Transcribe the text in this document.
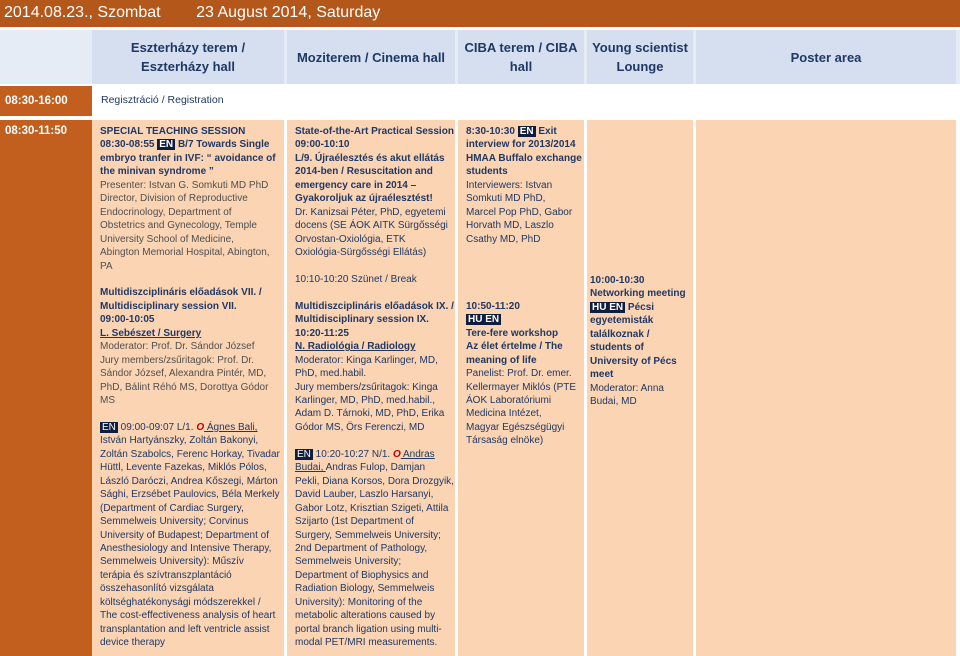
2014.08.23., Szombat        23 August 2014, Saturday
Eszterházy terem / Eszterházy hall
Moziterem / Cinema hall
CIBA terem / CIBA hall
Young scientist Lounge
Poster area
08:30-16:00	Regisztráció / Registration
08:30-11:50	SPECIAL TEACHING SESSION
08:30-08:55 EN B/7 Towards Single
embryo tranfer in IVF: “ avoidance of
the minivan syndrome ”
Presenter: Istvan G. Somkuti MD PhD
Director, Division of Reproductive
Endocrinology, Department of
Obstetrics and Gynecology, Temple
University School of Medicine,
Abington Memorial Hospital, Abington,
PA
Multidiszciplináris előadások VII. /
Multidisciplinary session VII.
09:00-10:05
L. Sebészet / Surgery
Moderator: Prof. Dr. Sándor József
Jury members/zsűritagok: Prof. Dr.
Sándor József, Alexandra Pintér, MD,
PhD, Bálint Réhó MS, Dorottya Gódor
MS
EN 09:00-09:07 L/1. O Ágnes Bali,
István Hartyánszky, Zoltán Bakonyi,
Zoltán Szabolcs, Ferenc Horkay, Tivadar
Hüttl, Levente Fazekas, Miklós Pólos,
László Daróczi, Andrea Kőszegi, Márton
Sághi, Erzsébet Paulovics, Béla Merkely
(Department of Cardiac Surgery,
Semmelweis University; Corvinus
University of Budapest; Department of
Anesthesiology and Intensive Therapy,
Semmelweis University): Műszív
terápia és szívtranszplantáció
összehasonlító vizsgálata
költséghatékonysági módszerekkel /
The cost-effectiveness analysis of heart
transplantation and left ventricle assist
device therapy
State-of-the-Art Practical Session
09:00-10:10
L/9. Újraélesztés és akut ellátás
2014-ben / Resuscitation and
emergency care in 2014 –
Gyakoroljuk az újraélesztést!
Dr. Kanizsai Péter, PhD, egyetemi
docens (SE ÁOK AITK Sürgősségi
Orvostan-Oxiológia, ETK
Oxiológia-Sürgősségi Ellátás)
10:10-10:20 Szünet / Break
Multidiszciplináris előadások IX. /
Multidisciplinary session IX.
10:20-11:25
N. Radiológia / Radiology
Moderator: Kinga Karlinger, MD,
PhD, med.habil.
Jury members/zsűritagok: Kinga
Karlinger, MD, PhD, med.habil.,
Adam D. Tárnoki, MD, PhD, Erika
Gódor MS, Örs Ferenczi, MD
EN 10:20-10:27 N/1. O Andras
Budai, Andras Fulop, Damjan
Pekli, Diana Korsos, Dora Drozgyik,
David Lauber, Laszlo Harsanyi,
Gabor Lotz, Krisztian Szigeti, Attila
Szijarto (1st Department of
Surgery, Semmelweis University;
2nd Department of Pathology,
Semmelweis University;
Department of Biophysics and
Radiation Biology, Semmelweis
University): Monitoring of the
metabolic alterations caused by
portal branch ligation using multi-
modal PET/MRI measurements.
8:30-10:30 EN Exit
interview for 2013/2014
HMAA Buffalo exchange
students
Interviewers: Istvan
Somkuti MD PhD,
Marcel Pop PhD, Gabor
Horvath MD, Laszlo
Csathy MD, PhD
10:50-11:20
HU EN
Tere-fere workshop
Az élet értelme / The
meaning of life
Panelist: Prof. Dr. emer.
Kellermayer Miklós (PTE
ÁOK Laboratóriumi
Medicina Intézet,
Magyar Egészségügyi
Társaság elnöke)
10:00-10:30
Networking meeting
HU EN Pécsi
egyetemisták
találkoznak /
students of
University of Pécs
meet
Moderator: Anna
Budai, MD
